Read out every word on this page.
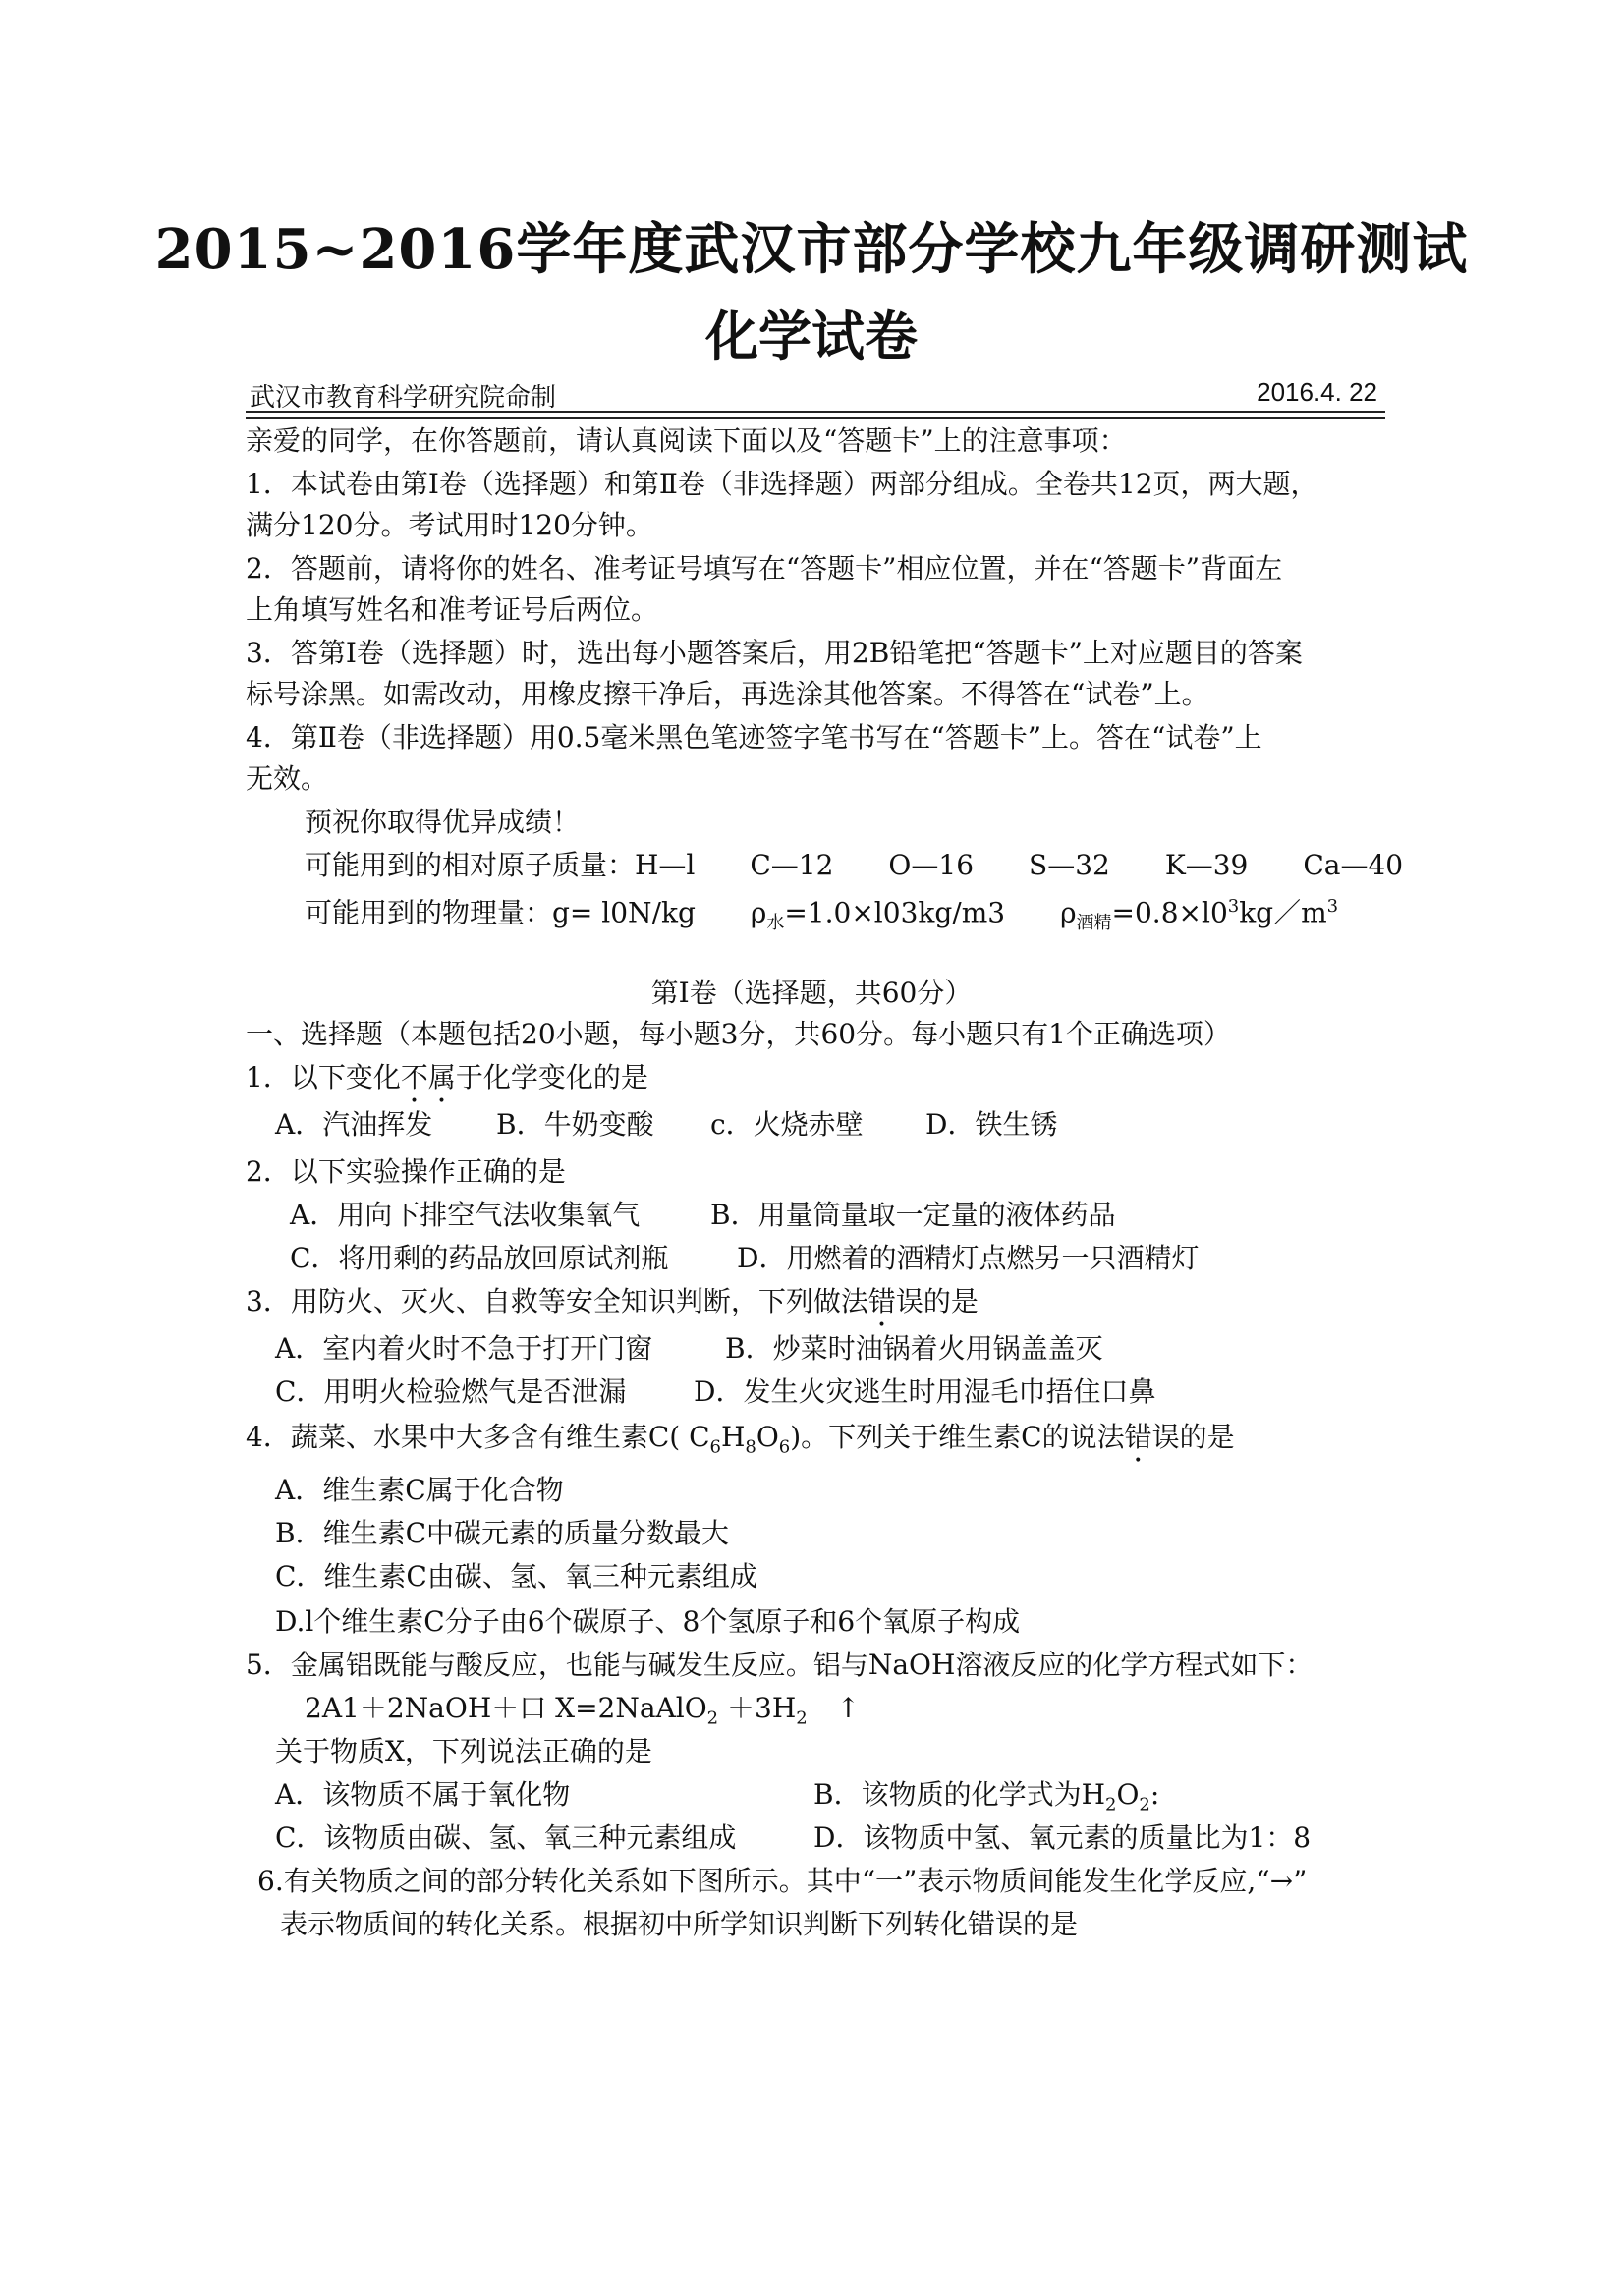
2015~2016学年度武汉市部分学校九年级调研测试
化学试卷
武汉市教育科学研究院命制	2016.4. 22
亲爱的同学，在你答题前，请认真阅读下面以及“答题卡”上的注意事项：
1．本试卷由第Ⅰ卷（选择题）和第Ⅱ卷（非选择题）两部分组成。全卷共12页，两大题，
满分120分。考试用时120分钟。
2．答题前，请将你的姓名、准考证号填写在“答题卡”相应位置，并在“答题卡”背面左
上角填写姓名和准考证号后两位。
3．答第Ⅰ卷（选择题）时，选出每小题答案后，用2B铅笔把“答题卡”上对应题目的答案
标号涂黑。如需改动，用橡皮擦干净后，再选涂其他答案。不得答在“试卷”上。
4．第Ⅱ卷（非选择题）用0.5毫米黑色笔迹签字笔书写在“答题卡”上。答在“试卷”上
无效。
预祝你取得优异成绩！
可能用到的相对原子质量：H—l　　C—12　　O—16　　S—32　　K—39　　Ca—40
可能用到的物理量：g= l0N/kg　　$\rho_水=1.0\times l03kg/m3$　　$\rho_{酒精}=0.8\times l0^3kg/m^3$
第Ⅰ卷（选择题，共60分）
一、选择题（本题包括20小题，每小题3分，共60分。每小题只有1个正确选项）
1．以下变化不属于化学变化的是
A．汽油挥发 B．牛奶变酸 c．火烧赤壁 D．铁生锈
2．以下实验操作正确的是
A．用向下排空气法收集氧气	B．用量筒量取一定量的液体药品
C．将用剩的药品放回原试剂瓶 D．用燃着的酒精灯点燃另一只酒精灯
3．用防火、灭火、自救等安全知识判断，下列做法错误的是
A．室内着火时不急于打开门窗	B．炒菜时油锅着火用锅盖盖灭
C．用明火检验燃气是否泄漏 D．发生火灾逃生时用湿毛巾捂住口鼻
4．蔬菜、水果中大多含有维生素C( $C_6H_8O_6$)。下列关于维生素C的说法错误的是
A．维生素C属于化合物
B．维生素C中碳元素的质量分数最大
C．维生素C由碳、氢、氧三种元素组成
D.l个维生素C分子由6个碳原子、8个氢原子和6个氧原子构成
5．金属铝既能与酸反应，也能与碱发生反应。铝与NaOH溶液反应的化学方程式如下：
2A1＋2NaOH＋口 X=2NaAlO$_2$ $+3H_2$ ↑
关于物质X，下列说法正确的是
A．该物质不属于氧化物	B．该物质的化学式为$H_2O_2$:
C．该物质由碳、氢、氧三种元素组成	D．该物质中氢、氧元素的质量比为1：8
6.有关物质之间的部分转化关系如下图所示。其中“一”表示物质间能发生化学反应,“→”
表示物质间的转化关系。根据初中所学知识判断下列转化错误的是
